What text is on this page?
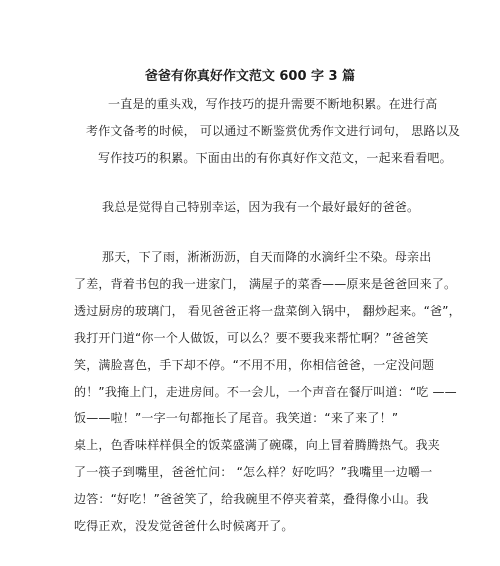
爸爸有你真好作文范文 600 字 3 篇
一直是的重头戏，写作技巧的提升需要不断地积累。在进行高
考作文备考的时候， 可以通过不断鉴赏优秀作文进行词句， 思路以及
写作技巧的积累。下面由出的有你真好作文范文，一起来看看吧。
我总是觉得自己特别幸运，因为我有一个最好最好的爸爸。
那天，下了雨，淅淅沥沥，自天而降的水滴纤尘不染。母亲出
了差，背着书包的我一进家门， 满屋子的菜香——原来是爸爸回来了。
透过厨房的玻璃门， 看见爸爸正将一盘菜倒入锅中， 翻炒起来。“爸”，
我打开门道“你一个人做饭，可以么？要不要我来帮忙啊？”爸爸笑
笑，满脸喜色，手下却不停。“不用不用，你相信爸爸，一定没问题
的！”我掩上门，走进房间。不一会儿，一个声音在餐厅叫道：“吃 ——
饭——啦！”一字一句都拖长了尾音。我笑道：“来了来了！”
桌上，色香味样样俱全的饭菜盛满了碗碟，向上冒着腾腾热气。我夹
了一筷子到嘴里，爸爸忙问： “怎么样？好吃吗？”我嘴里一边嚼一
边答：“好吃！”爸爸笑了，给我碗里不停夹着菜，叠得像小山。我
吃得正欢，没发觉爸爸什么时候离开了。
